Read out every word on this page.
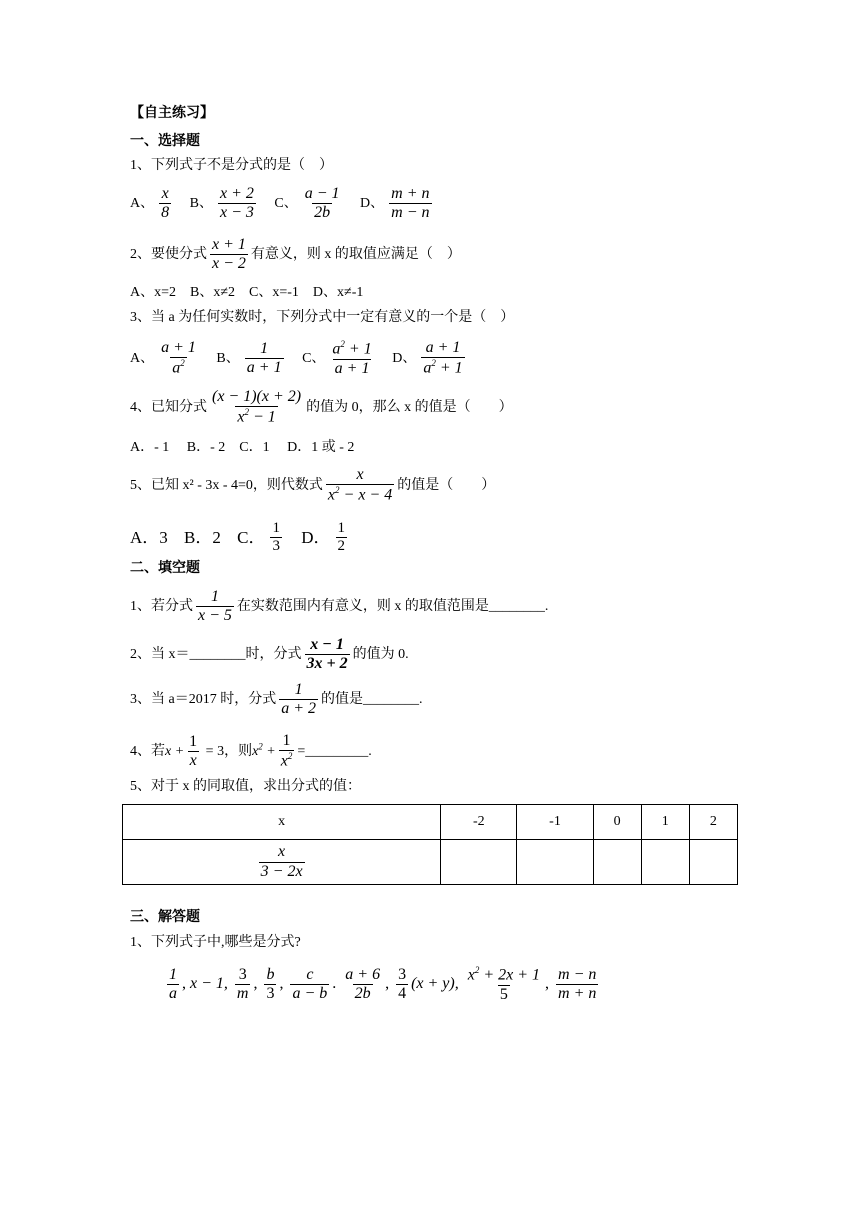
【自主练习】
一、选择题
1、下列式子不是分式的是（　）
A、
x
8

B、
x + 2
x − 3

C、
a − 1
2b

D、
m + n
m − n
2、要使分式 $\frac{x + 1}{x - 2}$ 有意义，则 x 的取值应满足（　）
A、x=2　B、x≠2　C、x=-1　D、x≠-1
3、当 a 为任何实数时，下列分式中一定有意义的一个是（　）
A、
a + 1
$a^2$
B、
1
a + 1

C、
$a^2 + 1$
a + 1

D、
a + 1
$a^2 + 1$
4、已知分式 $\frac{(x - 1)(x + 2)}{x^2 - 1}$ 的值为 0，那么 x 的值是（　　）
A．- 1　 B．- 2　C．1　 D．1 或 - 2
5、已知 x² - 3x - 4=0，则代数式 $\frac{x}{x^2 - x - 4}$ 的值是（　　）
A．3 B．2 C．
1
3
D．
1
2
二、填空题
1、若分式 $\frac{1}{x - 5}$ 在实数范围内有意义，则 x 的取值范围是________.
2、当 x＝________时，分式 $\frac{x - 1}{3x + 2}$ 的值为 0.
3、当 a＝2017 时，分式 $\frac{1}{a + 2}$ 的值是________.
4、若$x + \frac{1}{x} = 3$，则$x^2 + \frac{1}{x^2}$ =_________.
5、对于 x 的同取值，求出分式的值：
x	-2	-1	0	1	2

$\frac{x}{3 - 2x}$

三、解答题
1、下列式子中,哪些是分式?
$\frac{1}{a}$ , x − 1, $\frac{3}{m}$ , $\frac{b}{3}$ , $\frac{c}{a - b}$ . $\frac{a + 6}{2b}$ , $\frac{3}{4} (x + y)$, $\frac{x^2 + 2x + 1}{5}$ , $\frac{m - n}{m + n}$
